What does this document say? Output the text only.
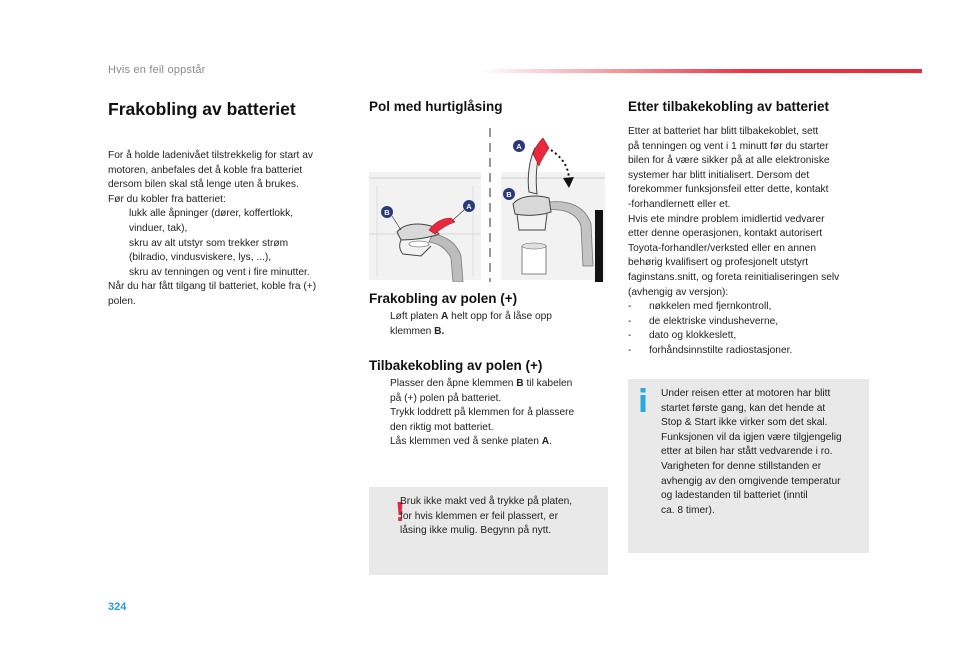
Hvis en feil oppstår
Frakobling av batteriet

For å holde ladenivået tilstrekkelig for start av

motoren, anbefales det å koble fra batteriet

dersom bilen skal stå lenge uten å brukes.

Før du kobler fra batteriet:

lukk alle åpninger (dører, koffertlokk,
vinduer, tak),
skru av alt utstyr som trekker strøm
(bilradio, vindusviskere, lys, ...),
skru av tenningen og vent i fire minutter.

Når du har fått tilgang til batteriet, koble fra (+)

polen.

Pol med hurtiglåsing
B
A
A
B
Frakobling av polen (+)
Løft platen A helt opp for å låse opp
klemmen B.
Tilbakekobling av polen (+)
Plasser den åpne klemmen B til kabelen
på (+) polen på batteriet.
Trykk loddrett på klemmen for å plassere
den riktig mot batteriet.
Lås klemmen ved å senke platen A.

Bruk ikke makt ved å trykke på platen,

for hvis klemmen er feil plassert, er

låsing ikke mulig. Begynn på nytt.

Etter tilbakekobling av batteriet

Etter at batteriet har blitt tilbakekoblet, sett

på tenningen og vent i 1 minutt før du starter

bilen for å være sikker på at alle elektroniske

systemer har blitt initialisert. Dersom det

forekommer funksjonsfeil etter dette, kontakt

-forhandlernett eller et.

Hvis ete mindre problem imidlertid vedvarer

etter denne operasjonen, kontakt autorisert

Toyota-forhandler/verksted eller en annen

behørig kvalifisert og profesjonelt utstyrt

faginstans.snitt, og foreta reinitialiseringen selv

(avhengig av versjon):

-	nøkkelen med fjernkontroll,
-	de elektriske vindusheverne,
-	dato og klokkeslett,
-	forhåndsinnstilte radiostasjoner.

Under reisen etter at motoren har blitt

startet første gang, kan det hende at

Stop & Start ikke virker som det skal.

Funksjonen vil da igjen være tilgjengelig

etter at bilen har stått vedvarende i ro.

Varigheten for denne stillstanden er

avhengig av den omgivende temperatur

og ladestanden til batteriet (inntil

ca. 8 timer).

324
